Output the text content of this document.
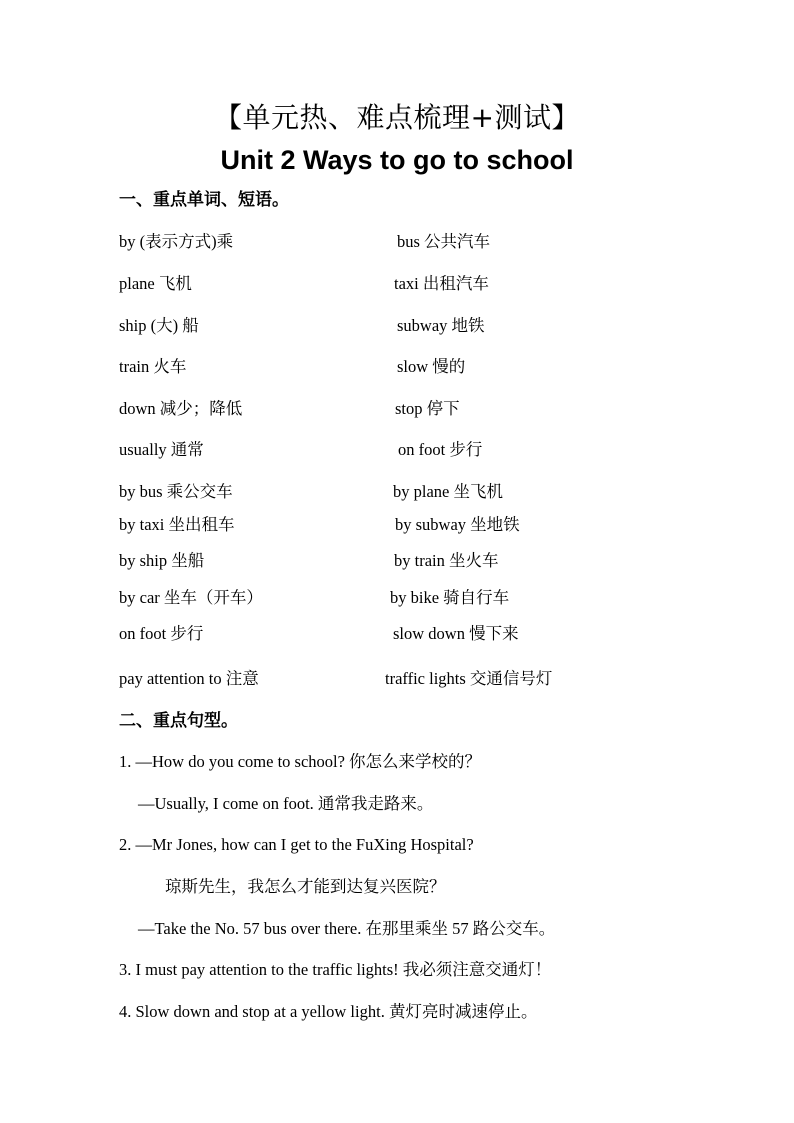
【单元热、难点梳理+测试】
Unit 2 Ways to go to school
一、重点单词、短语。
by (表示方式)乘	bus 公共汽车
plane 飞机	taxi 出租汽车
ship (大) 船	subway 地铁
train 火车	slow 慢的
down 减少；降低	stop 停下
usually 通常	on foot 步行
by bus 乘公交车	by plane 坐飞机
by taxi 坐出租车	by subway 坐地铁
by ship 坐船	by train 坐火车
by car 坐车（开车）	by bike 骑自行车
on foot 步行	slow down 慢下来
pay attention to 注意	traffic lights 交通信号灯
二、重点句型。
1. —How do you come to school? 你怎么来学校的？
—Usually, I come on foot. 通常我走路来。
2. —Mr Jones, how can I get to the FuXing Hospital?
琼斯先生，我怎么才能到达复兴医院？
—Take the No. 57 bus over there. 在那里乘坐 57 路公交车。
3. I must pay attention to the traffic lights! 我必须注意交通灯！
4. Slow down and stop at a yellow light. 黄灯亮时减速停止。
